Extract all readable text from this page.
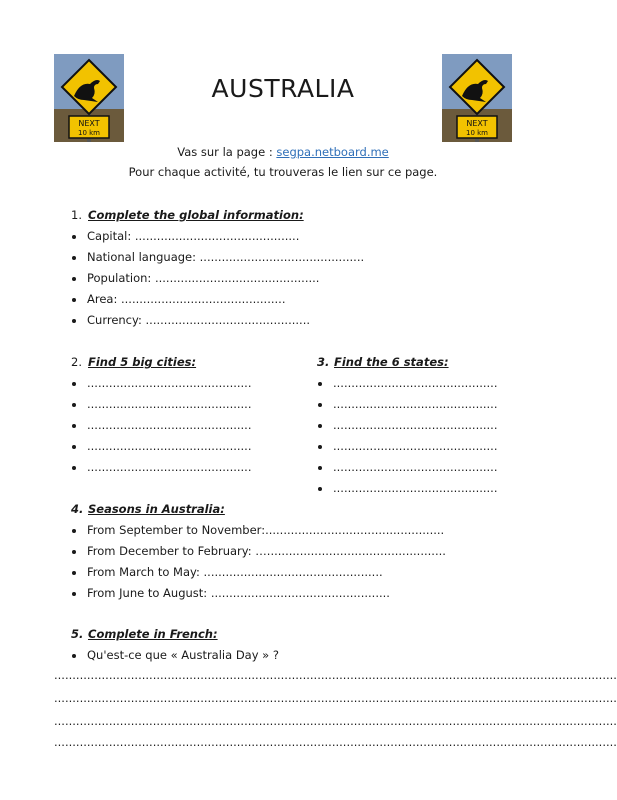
NEXT
10 km
NEXT
10 km
AUSTRALIA
Vas sur la page : segpa.netboard.me
Pour chaque activité, tu trouveras le lien sur ce page.
1. Complete the global information:
Capital: .............................................
National language: .............................................
Population: .............................................
Area: .............................................
Currency: .............................................
2. Find 5 big cities:
.............................................
.............................................
.............................................
.............................................
.............................................
3. Find the 6 states:
.............................................
.............................................
.............................................
.............................................
.............................................
.............................................
4. Seasons in Australia:
From September to November:.................................................
From December to February: ….................................................
From March to May: .................................................
From June to August: .................................................
5. Complete in French:
Qu'est-ce que « Australia Day » ?
..........................................................................................................................................................
..........................................................................................................................................................
..........................................................................................................................................................
..........................................................................................................................................................
